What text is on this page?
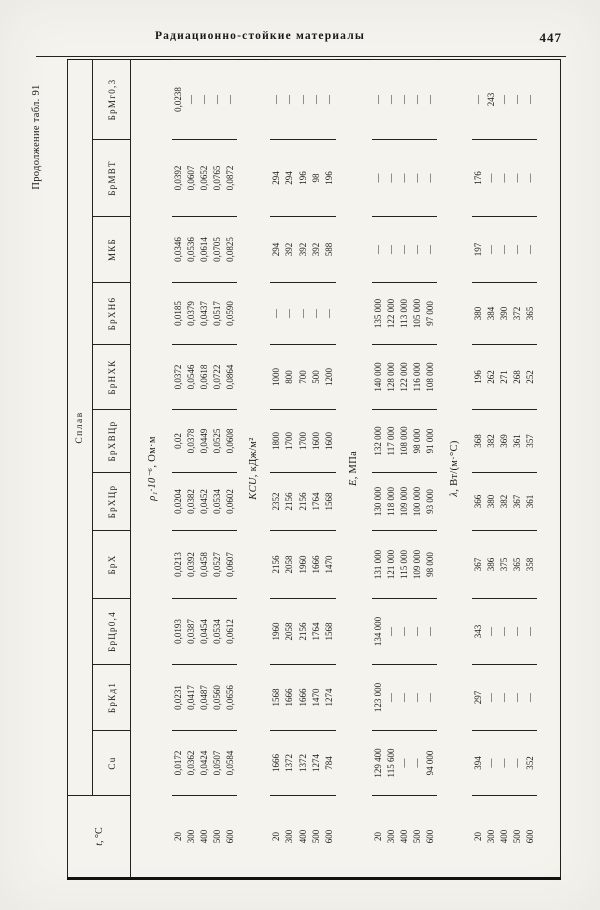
Радиационно-стойкие материалы	447
Продолжение табл. 91
t, °С	Сплав										
	Cu	БрКд1	БрЦр0,4	БрХ	БрХЦр	БрХВЦр	БрНХК	БрХН6	МКБ	БрМВТ	БрМг0,3
ρ₁·10⁻⁶, Ом·м											
20	0,0172	0,0231	0,0193	0,0213	0,0204	0,02	0,0372	0,0185	0,0346	0,0392	0,0238
300	0,0362	0,0417	0,0387	0,0392	0,0382	0,0378	0,0546	0,0379	0,0536	0,0607	—
400	0,0424	0,0487	0,0454	0,0458	0,0452	0,0449	0,0618	0,0437	0,0614	0,0652	—
500	0,0507	0,0560	0,0534	0,0527	0,0534	0,0525	0,0722	0,0517	0,0705	0,0765	—
600	0,0584	0,0656	0,0612	0,0607	0,0602	0,0608	0,0864	0,0590	0,0825	0,0872	—
KCU, кДж/м²											
20	1666	1568	1960	2156	2352	1800	1000	—	294	294	—
300	1372	1666	2058	2058	2156	1700	800	—	392	294	—
400	1372	1666	2156	1960	2156	1700	700	—	392	196	—
500	1274	1470	1764	1666	1764	1600	500	—	392	98	—
600	784	1274	1568	1470	1568	1600	1200	—	588	196	—
Е, МПа											
20	129 400	123 000	134 000	131 000	130 000	132 000	140 000	135 000	—	—	—
300	115 600	—	—	121 000	118 000	117 000	128 000	122 000	—	—	—
400	—	—	—	115 000	109 000	108 000	122 000	113 000	—	—	—
500	—	—	—	109 000	100 000	98 000	116 000	105 000	—	—	—
600	94 000	—	—	98 000	93 000	91 000	108 000	97 000	—	—	—
λ, Вт/(м·°С)											
20	394	297	343	367	366	368	196	380	197	176	—
300	—	—	—	386	380	382	262	384	—	—	243
400	—	—	—	375	382	369	271	390	—	—	—
500	—	—	—	365	367	361	268	372	—	—	—
600	352	—	—	358	361	357	252	365	—	—	—
